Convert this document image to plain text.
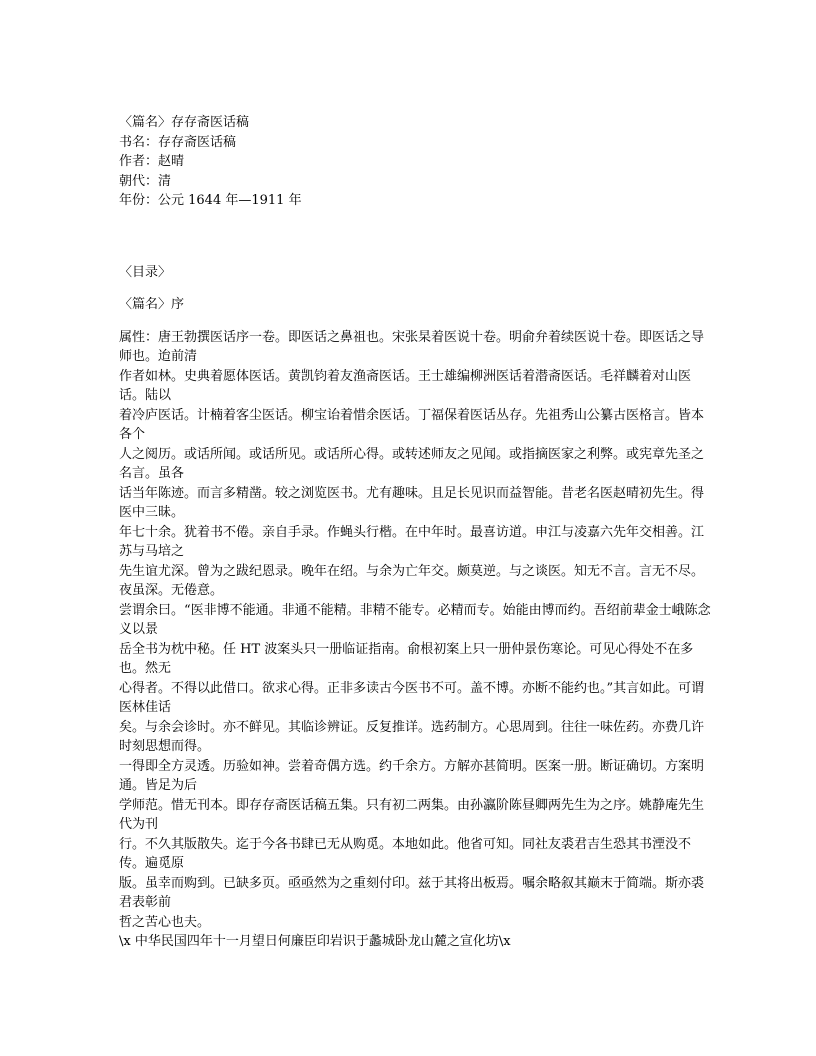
〈篇名〉存存斋医话稿
书名：存存斋医话稿
作者：赵晴
朝代：清
年份：公元 1644 年—1911 年
〈目录〉
〈篇名〉序
属性：唐王勃撰医话序一卷。即医话之鼻祖也。宋张杲着医说十卷。明俞弁着续医说十卷。即医话之导师也。迨前清
作者如林。史典着愿体医话。黄凯钧着友渔斋医话。王士雄编柳洲医话着潜斋医话。毛祥麟着对山医话。陆以
着冷庐医话。计楠着客尘医话。柳宝诒着惜余医话。丁福保着医话丛存。先祖秀山公纂古医格言。皆本各个
人之阅历。或话所闻。或话所见。或话所心得。或转述师友之见闻。或指摘医家之利弊。或宪章先圣之名言。虽各
话当年陈迹。而言多精凿。较之浏览医书。尤有趣味。且足长见识而益智能。昔老名医赵晴初先生。得医中三昧。
年七十余。犹着书不倦。亲自手录。作蝇头行楷。在中年时。最喜访道。申江与凌嘉六先年交相善。江苏与马培之
先生谊尤深。曾为之跋纪恩录。晚年在绍。与余为亡年交。颇莫逆。与之谈医。知无不言。言无不尽。夜虽深。无倦意。
尝谓余曰。“医非博不能通。非通不能精。非精不能专。必精而专。始能由博而约。吾绍前辈金士峨陈念义以景
岳全书为枕中秘。任 HT 波案头只一册临证指南。俞根初案上只一册仲景伤寒论。可见心得处不在多也。然无
心得者。不得以此借口。欲求心得。正非多读古今医书不可。盖不博。亦断不能约也。”其言如此。可谓医林佳话
矣。与余会诊时。亦不鲜见。其临诊辨证。反复推详。选药制方。心思周到。往往一味佐药。亦费几许时刻思想而得。
一得即全方灵透。历验如神。尝着奇偶方选。约千余方。方解亦甚简明。医案一册。断证确切。方案明通。皆足为后
学师范。惜无刊本。即存存斋医话稿五集。只有初二两集。由孙瀛阶陈昼卿两先生为之序。姚静庵先生代为刊
行。不久其版散失。迄于今各书肆已无从购觅。本地如此。他省可知。同社友裘君吉生恐其书湮没不传。遍觅原
版。虽幸而购到。已缺多页。亟亟然为之重刻付印。兹于其将出板焉。嘱余略叙其巅末于简端。斯亦裘君表彰前
哲之苦心也夫。
\x 中华民国四年十一月望日何廉臣印岩识于蠡城卧龙山麓之宣化坊\x
